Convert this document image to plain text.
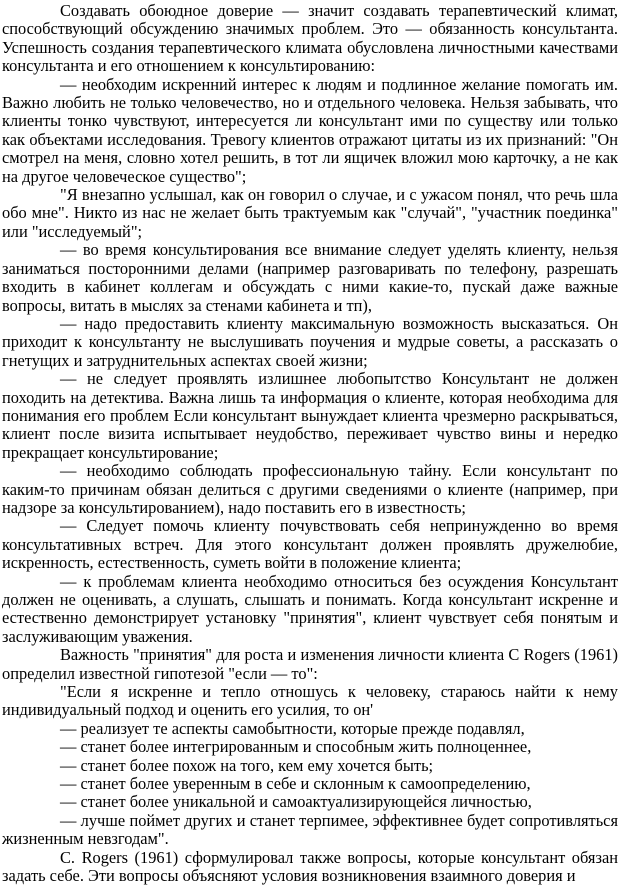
Создавать обоюдное доверие — значит создавать терапевтический климат, способствующий обсуждению значимых проблем. Это — обязанность консультанта. Успешность создания терапевтического климата обусловлена личностными качествами консультанта и его отношением к консультированию:

— необходим искренний интерес к людям и подлинное желание помогать им. Важно любить не только человечество, но и отдельного человека. Нельзя забывать, что клиенты тонко чувствуют, интересуется ли консультант ими по существу или только как объектами исследования. Тревогу клиентов отражают цитаты из их признаний: "Он смотрел на меня, словно хотел решить, в тот ли ящичек вложил мою карточку, а не как на другое человеческое существо";

"Я внезапно услышал, как он говорил о случае, и с ужасом понял, что речь шла обо мне". Никто из нас не желает быть трактуемым как "случай", "участник поединка" или "исследуемый";

— во время консультирования все внимание следует уделять клиенту, нельзя заниматься посторонними делами (например разговаривать по телефону, разрешать входить в кабинет коллегам и обсуждать с ними какие-то, пускай даже важные вопросы, витать в мыслях за стенами кабинета и тп),

— надо предоставить клиенту максимальную возможность высказаться. Он приходит к консультанту не выслушивать поучения и мудрые советы, а рассказать о гнетущих и затруднительных аспектах своей жизни;

— не следует проявлять излишнее любопытство Консультант не должен походить на детектива. Важна лишь та информация о клиенте, которая необходима для понимания его проблем Если консультант вынуждает клиента чрезмерно раскрываться, клиент после визита испытывает неудобство, переживает чувство вины и нередко прекращает консультирование;

— необходимо соблюдать профессиональную тайну. Если консультант по каким-то причинам обязан делиться с другими сведениями о клиенте (например, при надзоре за консультированием), надо поставить его в известность;

— Следует помочь клиенту почувствовать себя непринужденно во время консультативных встреч. Для этого консультант должен проявлять дружелюбие, искренность, естественность, суметь войти в положение клиента;

— к проблемам клиента необходимо относиться без осуждения Консультант должен не оценивать, а слушать, слышать и понимать. Когда консультант искренне и естественно демонстрирует установку "принятия", клиент чувствует себя понятым и заслуживающим уважения.

Важность "принятия" для роста и изменения личности клиента C Rogers (1961) определил известной гипотезой "если — то":

"Если я искренне и тепло отношусь к человеку, стараюсь найти к нему индивидуальный подход и оценить его усилия, то он'

— реализует те аспекты самобытности, которые прежде подавлял,

— станет более интегрированным и способным жить полноценнее,

— станет более похож на того, кем ему хочется быть;

— станет более уверенным в себе и склонным к самоопределению,

— станет более уникальной и самоактуализирующейся личностью,

— лучше поймет других и станет терпимее, эффективнее будет сопротивляться жизненным невзгодам".

C. Rogers (1961) сформулировал также вопросы, которые консультант обязан задать себе. Эти вопросы объясняют условия возникновения взаимного доверия и
